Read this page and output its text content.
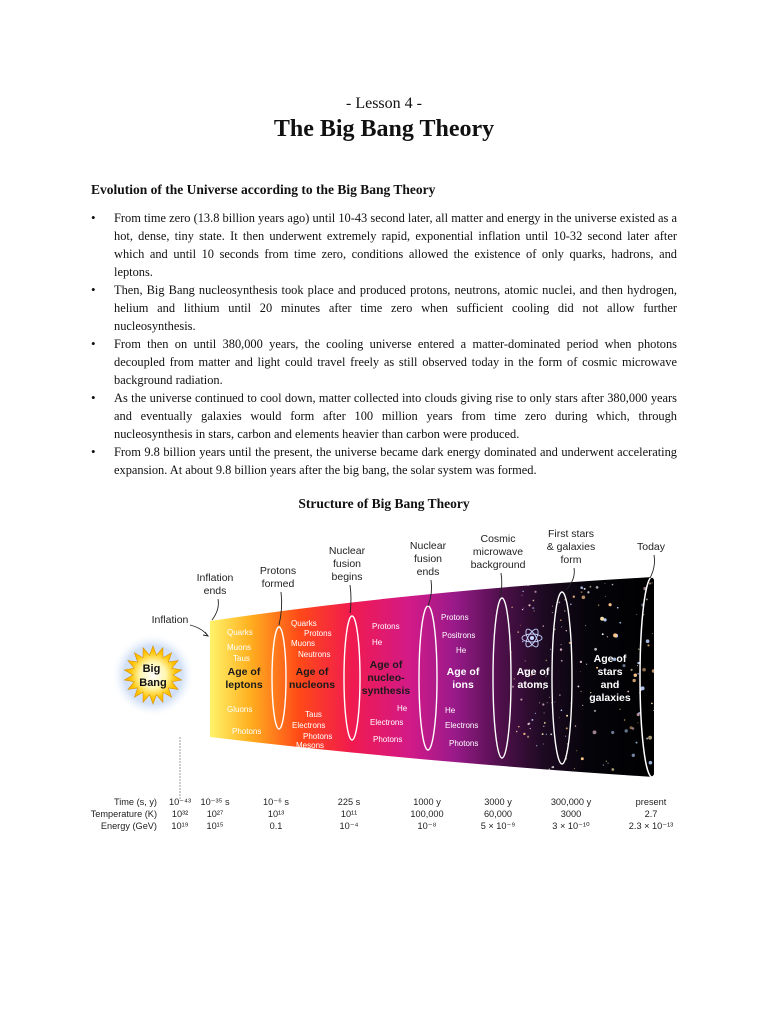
- Lesson 4 -
The Big Bang Theory
Evolution of the Universe according to the Big Bang Theory
• From time zero (13.8 billion years ago) until 10-43 second later, all matter and energy in the universe existed as a hot, dense, tiny state. It then underwent extremely rapid, exponential inflation until 10-32 second later after which and until 10 seconds from time zero, conditions allowed the existence of only quarks, hadrons, and leptons.
• Then, Big Bang nucleosynthesis took place and produced protons, neutrons, atomic nuclei, and then hydrogen, helium and lithium until 20 minutes after time zero when sufficient cooling did not allow further nucleosynthesis.
• From then on until 380,000 years, the cooling universe entered a matter-dominated period when photons decoupled from matter and light could travel freely as still observed today in the form of cosmic microwave background radiation.
• As the universe continued to cool down, matter collected into clouds giving rise to only stars after 380,000 years and eventually galaxies would form after 100 million years from time zero during which, through nucleosynthesis in stars, carbon and elements heavier than carbon were produced.
• From 9.8 billion years until the present, the universe became dark energy dominated and underwent accelerating expansion. At about 9.8 billion years after the big bang, the solar system was formed.
Structure of Big Bang Theory
Big Bang
Inflation
Inflation ends
Protons formed
Nuclear fusion begins
Nuclear fusion ends
Cosmic microwave background
First stars & galaxies form
Today
Age of leptons
Age of nucleons
Age of nucleo-synthesis
Age of ions
Age of atoms
Age of stars and galaxies
Quarks
Muons
Taus
Gluons
Photons
Quarks
Protons
Muons
Neutrons
Taus
Electrons
Mesons
Photons
Protons
He
He
Electrons
Photons
Protons
Positrons
He
He
Electrons
Photons
Time (s, y)
Temperature (K)
Energy (GeV)
10⁻⁴³
10³²
10¹⁹
10⁻³⁵ s
10²⁷
10¹⁵
10⁻⁶ s
10¹³
0.1
225 s
10¹¹
10⁻⁴
1000 y
100,000
10⁻⁸
3000 y
60,000
5 × 10⁻⁹
300,000 y
3000
3 × 10⁻¹⁰
present
2.7
2.3 × 10⁻¹³
